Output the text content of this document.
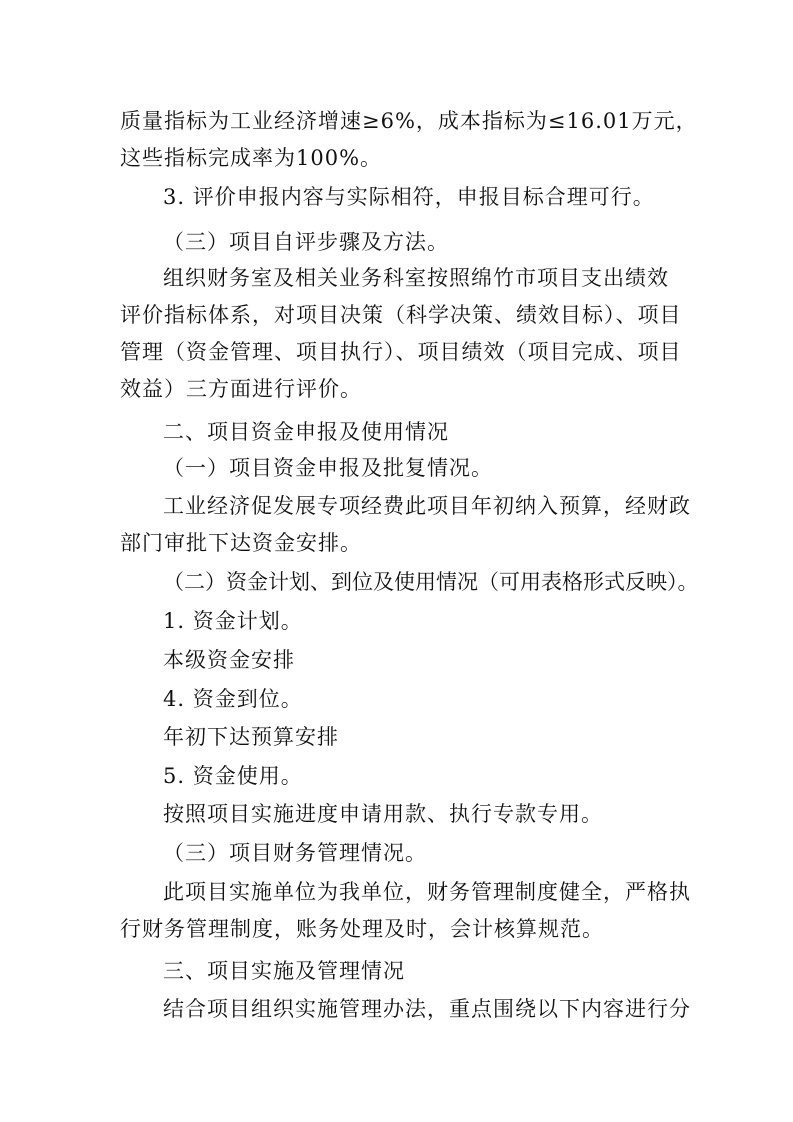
质量指标为工业经济增速≥6%，成本指标为≤16.01万元，
这些指标完成率为100%。
3. 评价申报内容与实际相符，申报目标合理可行。
（三）项目自评步骤及方法。
组织财务室及相关业务科室按照绵竹市项目支出绩效
评价指标体系，对项目决策（科学决策、绩效目标）、项目
管理（资金管理、项目执行）、项目绩效（项目完成、项目
效益）三方面进行评价。
二、项目资金申报及使用情况
（一）项目资金申报及批复情况。
工业经济促发展专项经费此项目年初纳入预算，经财政
部门审批下达资金安排。
（二）资金计划、到位及使用情况（可用表格形式反映）。
1. 资金计划。
本级资金安排
4. 资金到位。
年初下达预算安排
5. 资金使用。
按照项目实施进度申请用款、执行专款专用。
（三）项目财务管理情况。
此项目实施单位为我单位，财务管理制度健全，严格执
行财务管理制度，账务处理及时，会计核算规范。
三、项目实施及管理情况
结合项目组织实施管理办法，重点围绕以下内容进行分
